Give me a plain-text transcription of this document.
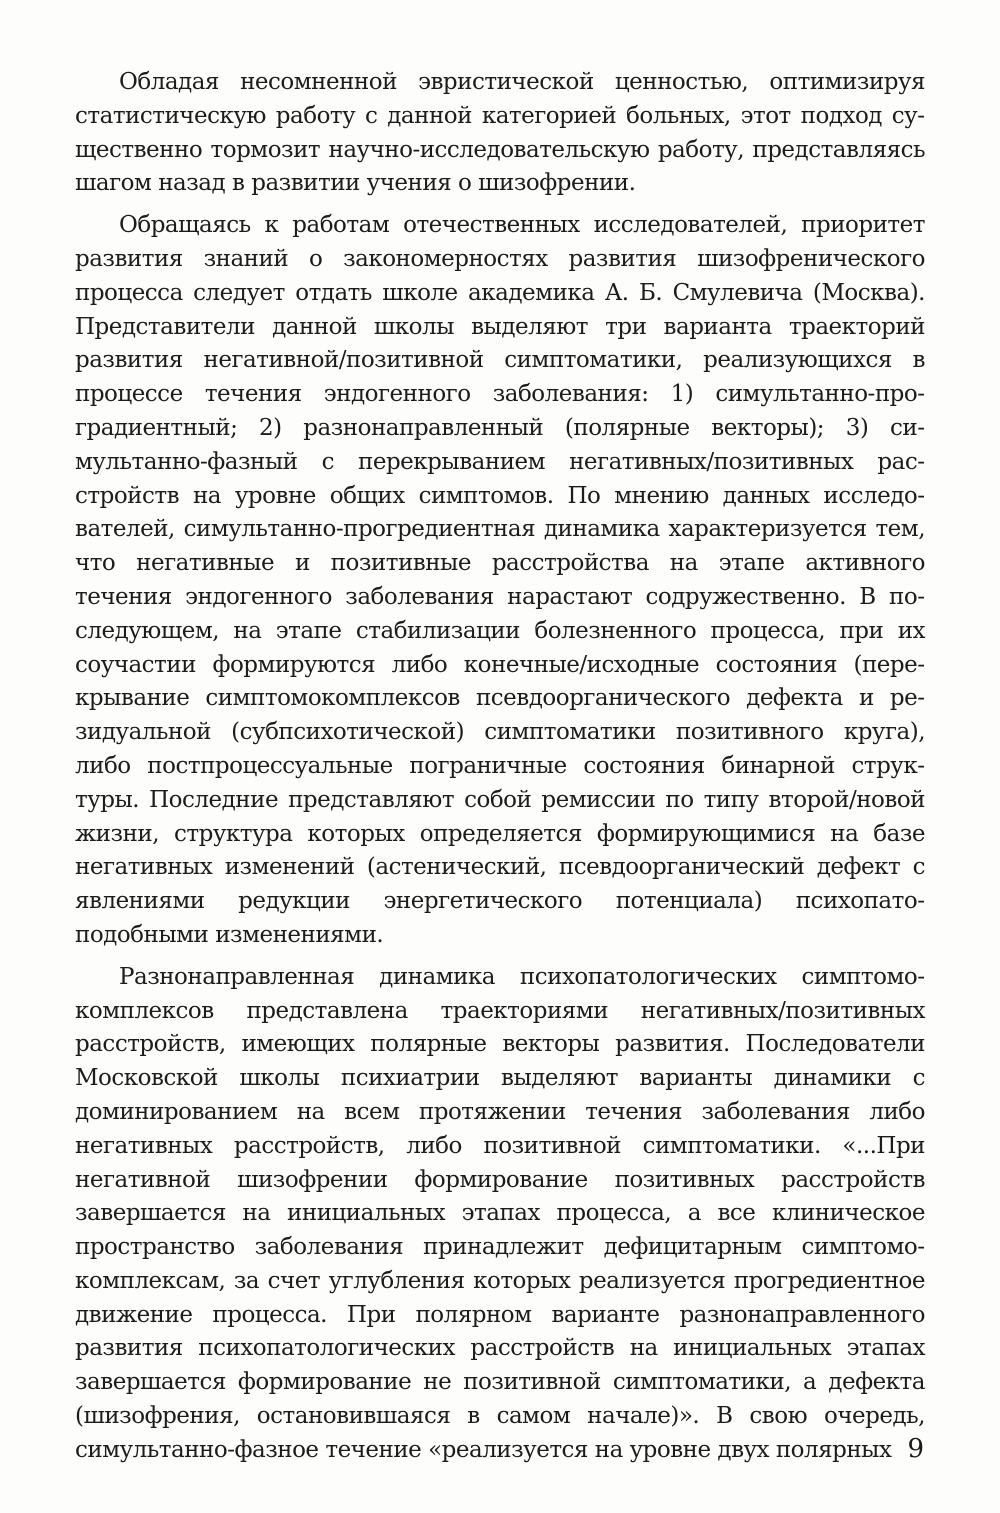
Обладая несомненной эвристической ценностью, оптимизируя статистическую работу с данной категорией больных, этот подход существенно тормозит научно-исследовательскую работу, представляясь шагом назад в развитии учения о шизофрении.

Обращаясь к работам отечественных исследователей, приоритет развития знаний о закономерностях развития шизофренического процесса следует отдать школе академика А. Б. Смулевича (Москва). Представители данной школы выделяют три варианта траекторий развития негативной/позитивной симптоматики, реализующихся в процессе течения эндогенного заболевания: 1) симультанно-проградиентный; 2) разнонаправленный (полярные векторы); 3) симультанно-фазный с перекрыванием негативных/позитивных расстройств на уровне общих симптомов. По мнению данных исследователей, симультанно-прогредиентная динамика характеризуется тем, что негативные и позитивные расстройства на этапе активного течения эндогенного заболевания нарастают содружественно. В последующем, на этапе стабилизации болезненного процесса, при их соучастии формируются либо конечные/исходные состояния (перекрывание симптомокомплексов псевдоорганического дефекта и резидуальной (субпсихотической) симптоматики позитивного круга), либо постпроцессуальные пограничные состояния бинарной структуры. Последние представляют собой ремиссии по типу второй/новой жизни, структура которых определяется формирующимися на базе негативных изменений (астенический, псевдоорганический дефект с явлениями редукции энергетического потенциала) психопатоподобными изменениями.

Разнонаправленная динамика психопатологических симптомокомплексов представлена траекториями негативных/позитивных расстройств, имеющих полярные векторы развития. Последователи Московской школы психиатрии выделяют варианты динамики с доминированием на всем протяжении течения заболевания либо негативных расстройств, либо позитивной симптоматики. «...При негативной шизофрении формирование позитивных расстройств завершается на инициальных этапах процесса, а все клиническое пространство заболевания принадлежит дефицитарным симптомокомплексам, за счет углубления которых реализуется прогредиентное движение процесса. При полярном варианте разнонаправленного развития психопатологических расстройств на инициальных этапах завершается формирование не позитивной симптоматики, а дефекта (шизофрения, остановившаяся в самом начале)». В свою очередь, симультанно-фазное течение «реализуется на уровне двух полярных 9
